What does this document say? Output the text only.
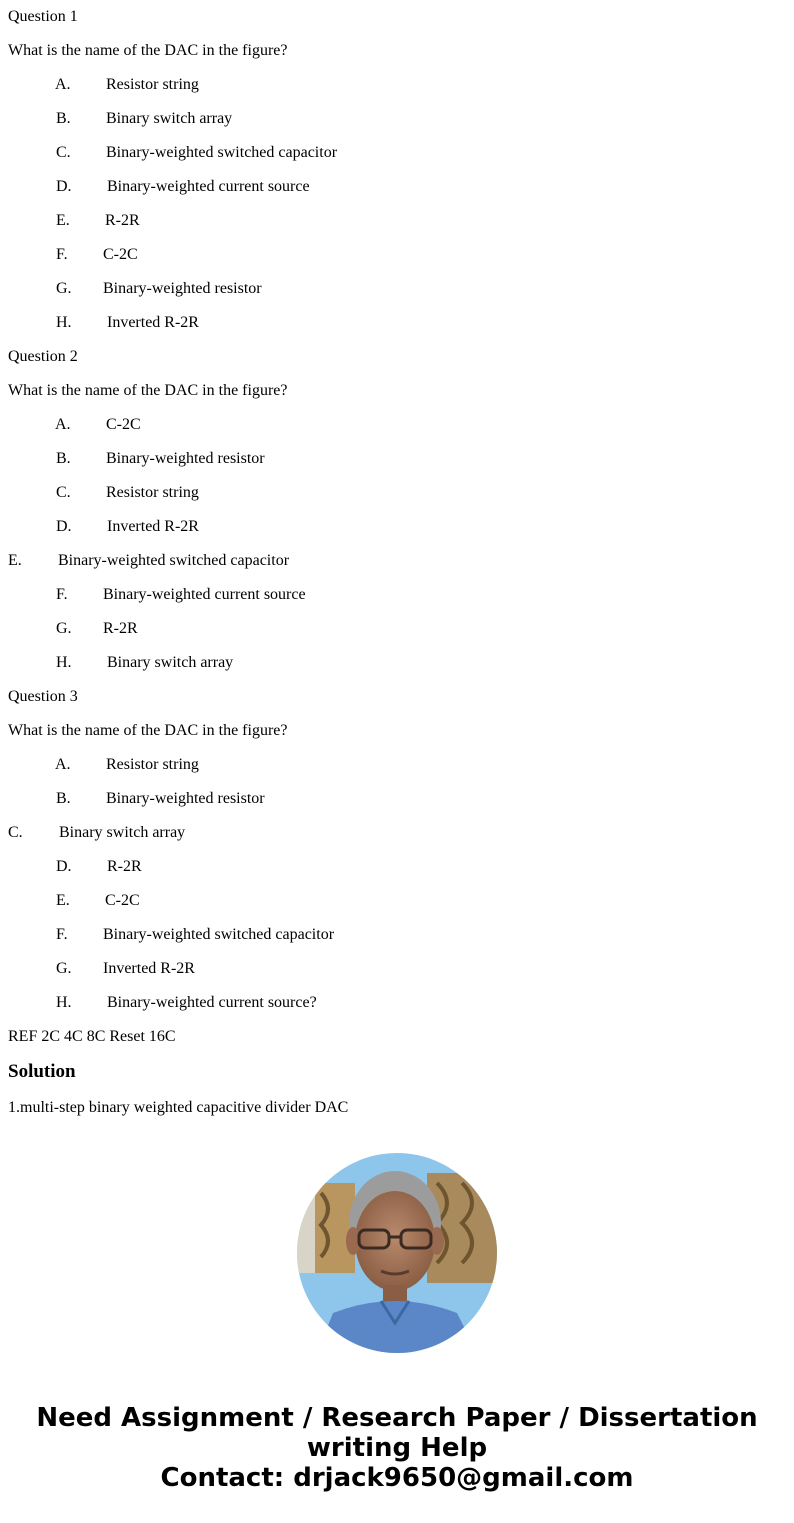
Question 1
What is the name of the DAC in the figure?
A. Resistor string
B. Binary switch array
C. Binary-weighted switched capacitor
D. Binary-weighted current source
E. R-2R
F. C-2C
G. Binary-weighted resistor
H. Inverted R-2R
Question 2
What is the name of the DAC in the figure?
A. C-2C
B. Binary-weighted resistor
C. Resistor string
D. Inverted R-2R
E. Binary-weighted switched capacitor
F. Binary-weighted current source
G. R-2R
H. Binary switch array
Question 3
What is the name of the DAC in the figure?
A. Resistor string
B. Binary-weighted resistor
C. Binary switch array
D. R-2R
E. C-2C
F. Binary-weighted switched capacitor
G. Inverted R-2R
H. Binary-weighted current source?
REF 2C 4C 8C Reset 16C
Solution
1.multi-step binary weighted capacitive divider DAC
Need Assignment / Research Paper / Dissertation
writing Help
Contact: drjack9650@gmail.com
